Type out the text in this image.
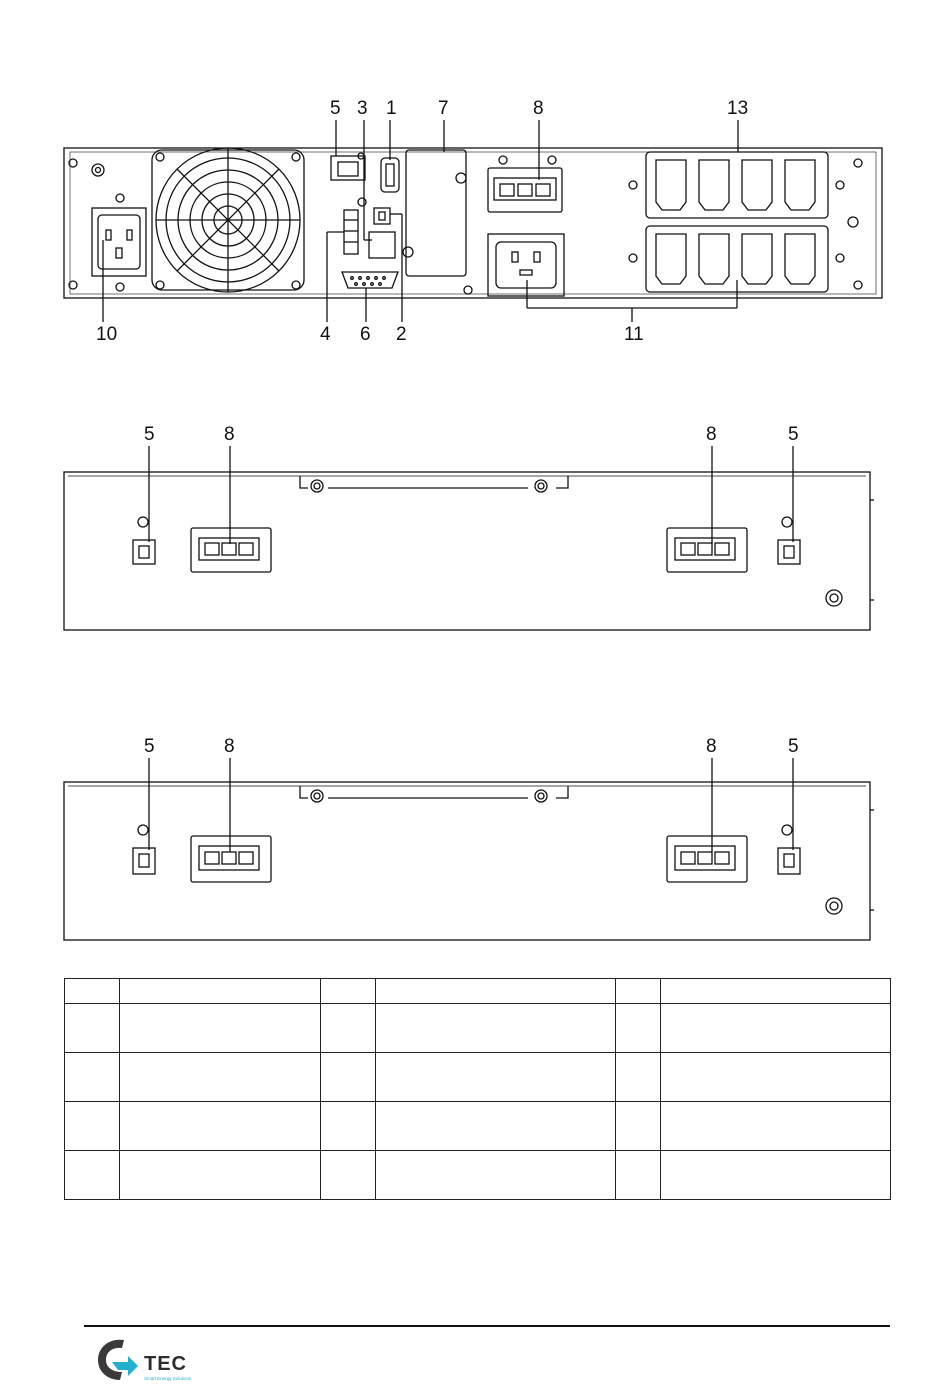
5 3 1 7	8	13
10	4 6 2	11
5	8	8	5
5	8	8	5

TEC
Smart Energy Solutions
